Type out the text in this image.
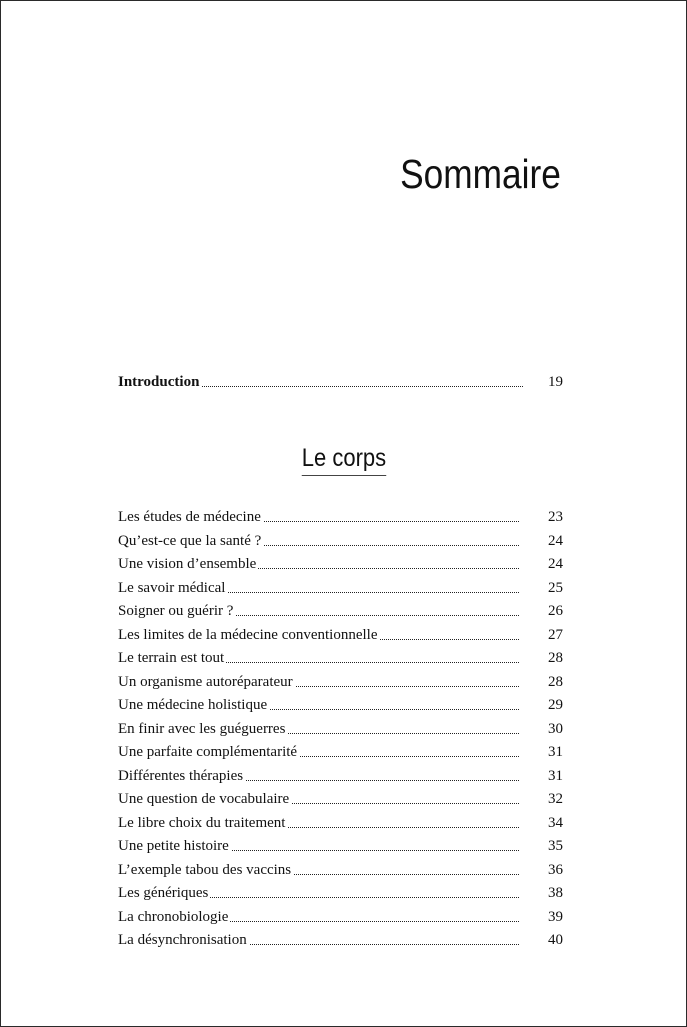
Sommaire
Introduction	19
Le corps
Les études de médecine	23
Qu’est-ce que la santé ?	24
Une vision d’ensemble	24
Le savoir médical	25
Soigner ou guérir ?	26
Les limites de la médecine conventionnelle	27
Le terrain est tout	28
Un organisme autoréparateur	28
Une médecine holistique	29
En finir avec les guéguerres	30
Une parfaite complémentarité	31
Différentes thérapies	31
Une question de vocabulaire	32
Le libre choix du traitement	34
Une petite histoire	35
L’exemple tabou des vaccins	36
Les génériques	38
La chronobiologie	39
La désynchronisation	40
